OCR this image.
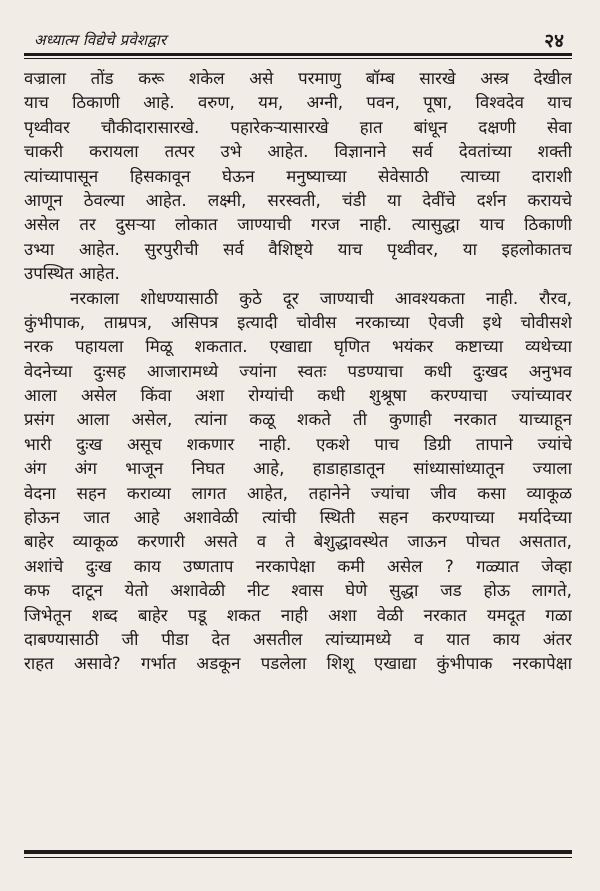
अध्यात्म विद्येचे प्रवेशद्वार	२४
वज्राला तोंड करू शकेल असे परमाणु बॉम्ब सारखे अस्त्र देखील
याच ठिकाणी आहे. वरुण, यम, अग्नी, पवन, पूषा, विश्वदेव याच
पृथ्वीवर चौकीदारासारखे. पहारेकऱ्यासारखे हात बांधून दक्षणी सेवा
चाकरी करायला तत्पर उभे आहेत. विज्ञानाने सर्व देवतांच्या शक्ती
त्यांच्यापासून हिसकावून घेऊन मनुष्याच्या सेवेसाठी त्याच्या दाराशी
आणून ठेवल्या आहेत. लक्ष्मी, सरस्वती, चंडी या देवींचे दर्शन करायचे
असेल तर दुसऱ्या लोकात जाण्याची गरज नाही. त्यासुद्धा याच ठिकाणी
उभ्या आहेत. सुरपुरीची सर्व वैशिष्ट्ये याच पृथ्वीवर, या इहलोकातच
उपस्थित आहेत.
नरकाला शोधण्यासाठी कुठे दूर जाण्याची आवश्यकता नाही. रौरव,
कुंभीपाक, ताम्रपत्र, असिपत्र इत्यादी चोवीस नरकाच्या ऐवजी इथे चोवीसशे
नरक पहायला मिळू शकतात. एखाद्या घृणित भयंकर कष्टाच्या व्यथेच्या
वेदनेच्या दुःसह आजारामध्ये ज्यांना स्वतः पडण्याचा कधी दुःखद अनुभव
आला असेल किंवा अशा रोग्यांची कधी शुश्रूषा करण्याचा ज्यांच्यावर
प्रसंग आला असेल, त्यांना कळू शकते ती कुणाही नरकात याच्याहून
भारी दुःख असूच शकणार नाही. एकशे पाच डिग्री तापाने ज्यांचे
अंग अंग भाजून निघत आहे, हाडाहाडातून सांध्यासांध्यातून ज्याला
वेदना सहन कराव्या लागत आहेत, तहानेने ज्यांचा जीव कसा व्याकूळ
होऊन जात आहे अशावेळी त्यांची स्थिती सहन करण्याच्या मर्यादेच्या
बाहेर व्याकूळ करणारी असते व ते बेशुद्धावस्थेत जाऊन पोचत असतात,
अशांचे दुःख काय उष्णताप नरकापेक्षा कमी असेल ? गळ्यात जेव्हा
कफ दाटून येतो अशावेळी नीट श्वास घेणे सुद्धा जड होऊ लागते,
जिभेतून शब्द बाहेर पडू शकत नाही अशा वेळी नरकात यमदूत गळा
दाबण्यासाठी जी पीडा देत असतील त्यांच्यामध्ये व यात काय अंतर
राहत असावे? गर्भात अडकून पडलेला शिशू एखाद्या कुंभीपाक नरकापेक्षा
